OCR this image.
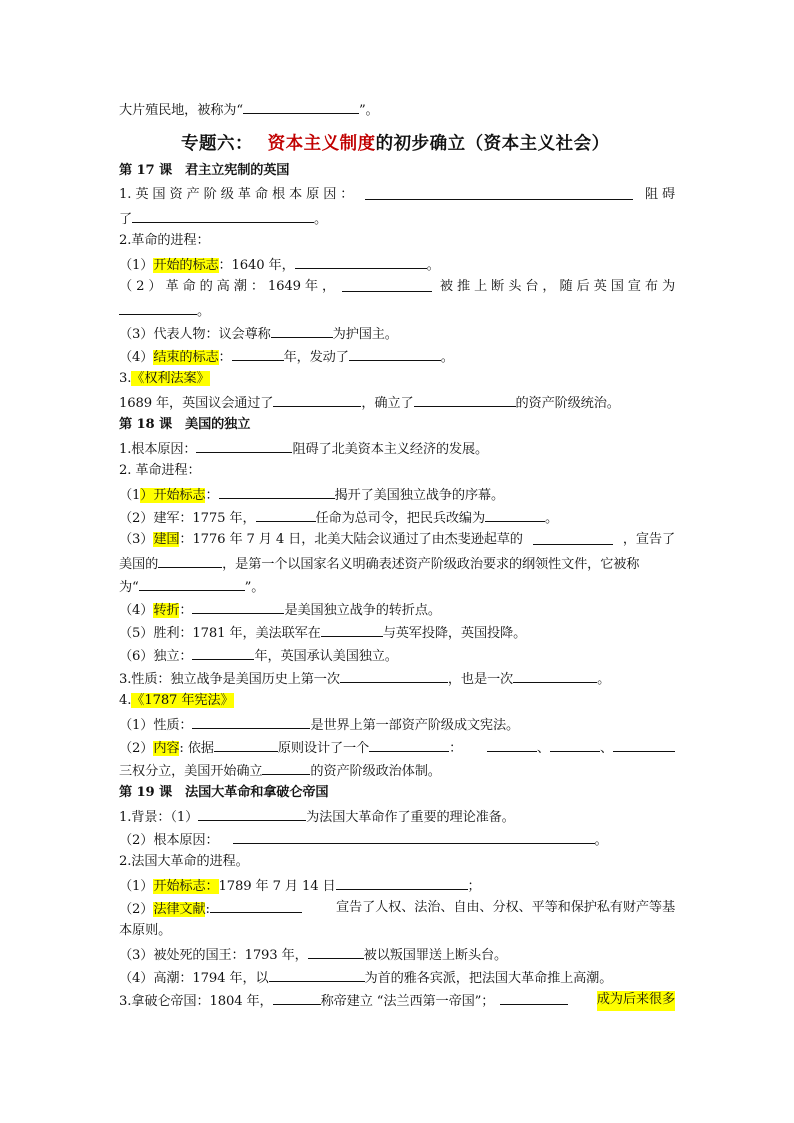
大片殖民地，被称为“	”。
专题六： 资本主义制度的初步确立（资本主义社会）
第 17 课　君主立宪制的英国
1. 英 国 资 产 阶 级 革 命 根 本 原 因 ：	阻 碍
了	。
2.革命的进程：
（1）开始的标志：1640 年，	。
（ 2 ） 革 命 的 高 潮 ： 1649 年 ，	被 推 上 断 头 台 ， 随 后 英 国 宣 布 为
。
（3）代表人物：议会尊称	为护国主。
（4）结束的标志：	年，发动了	。
3.《权利法案》
1689 年，英国议会通过了	，确立了	的资产阶级统治。
第 18 课　美国的独立
1.根本原因：	阻碍了北美资本主义经济的发展。
2. 革命进程：
（1）开始标志：	揭开了美国独立战争的序幕。
（2）建军：1775 年，	任命为总司令，把民兵改编为	。
（3）建国：1776 年 7 月 4 日，北美大陆会议通过了由杰斐逊起草的	，宣告了
美国的	，是第一个以国家名义明确表述资产阶级政治要求的纲领性文件，它被称
为“	”。
（4）转折：	是美国独立战争的转折点。
（5）胜利：1781 年，美法联军在	与英军投降，英国投降。
（6）独立：	年，英国承认美国独立。
3.性质：独立战争是美国历史上第一次	，也是一次	。
4.《1787 年宪法》
（1）性质：	是世界上第一部资产阶级成文宪法。
（2）内容: 依据	原则设计了一个	：	、	、
三权分立，美国开始确立	的资产阶级政治体制。
第 19 课　法国大革命和拿破仑帝国
1.背景：（1）	为法国大革命作了重要的理论准备。
（2）根本原因：	。
2.法国大革命的进程。
（1）开始标志：1789 年 7 月 14 日	；
（2）法律文献:	宣告了人权、法治、自由、分权、平等和保护私有财产等基
本原则。
（3）被处死的国王：1793 年，	被以叛国罪送上断头台。
（4）高潮：1794 年，以	为首的雅各宾派，把法国大革命推上高潮。
3.拿破仑帝国：1804 年，	称帝建立 “法兰西第一帝国”；	成为后来很多
